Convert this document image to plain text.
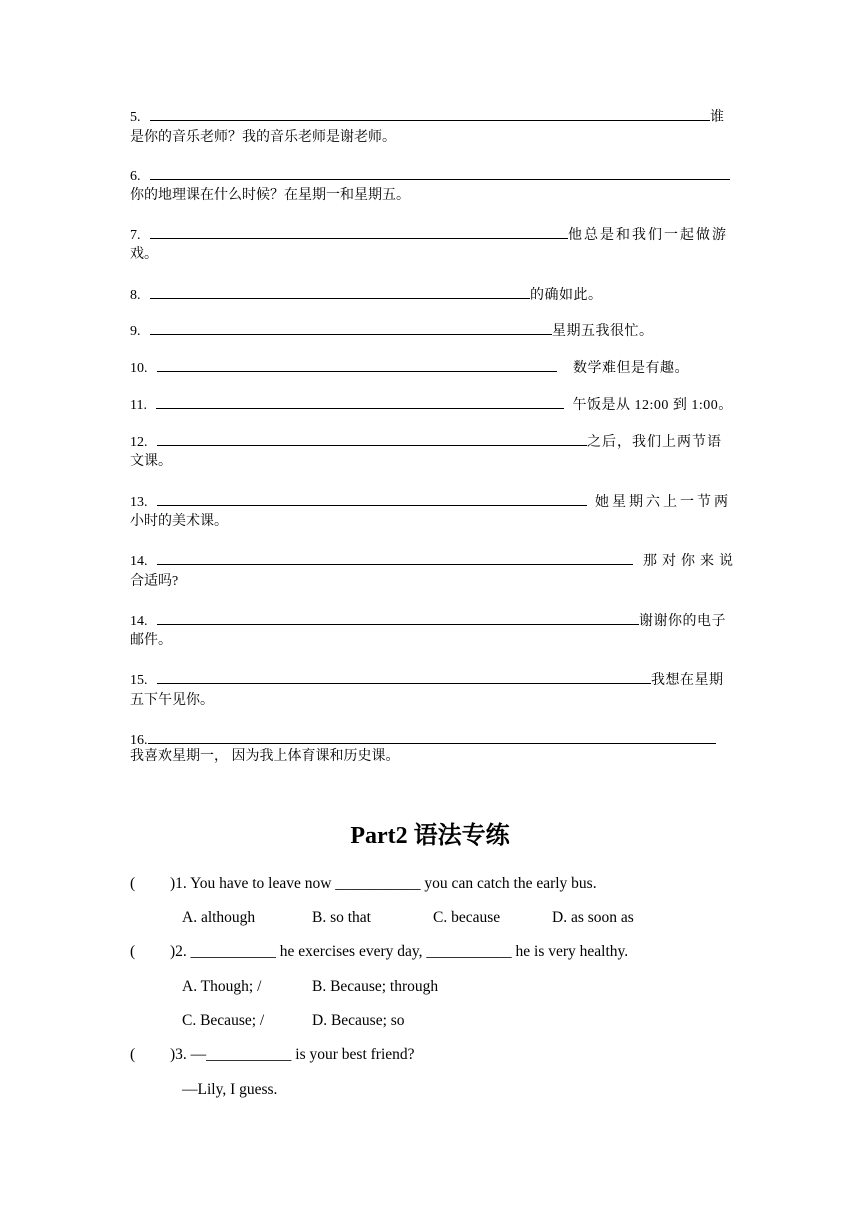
5.	谁
是你的音乐老师？我的音乐老师是谢老师。
6.
你的地理课在什么时候？在星期一和星期五。
7.	他总是和我们一起做游
戏。
8.	的确如此。
9.	星期五我很忙。
10.	数学难但是有趣。
11.	午饭是从 12:00 到 1:00。
12.	之后，我们上两节语
文课。
13.	她星期六上一节两
小时的美术课。
14.	那对你来说
合适吗?
14.	谢谢你的电子
邮件。
15.	我想在星期
五下午见你。
16.
我喜欢星期一， 因为我上体育课和历史课。
Part2 语法专练
( )1. You have to leave now ___________ you can catch the early bus.
A. although	B. so that	C. because	D. as soon as
( )2. ___________ he exercises every day, ___________ he is very healthy.
A. Though; /	B. Because; through
C. Because; /	D. Because; so
( )3. —___________ is your best friend?
—Lily, I guess.
